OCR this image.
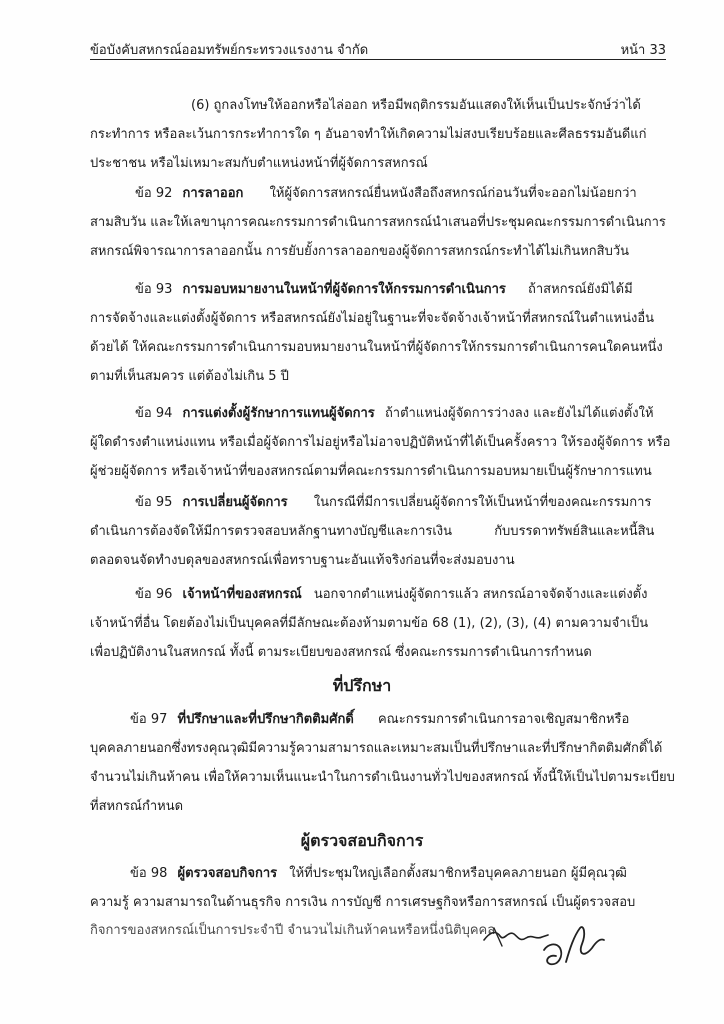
ข้อบังคับสหกรณ์ออมทรัพย์กระทรวงแรงงาน จำกัด	หน้า 33
(6) ถูกลงโทษให้ออกหรือไล่ออก หรือมีพฤติกรรมอันแสดงให้เห็นเป็นประจักษ์ว่าได้
กระทำการ หรือละเว้นการกระทำการใด ๆ อันอาจทำให้เกิดความไม่สงบเรียบร้อยและศีลธรรมอันดีแก่
ประชาชน หรือไม่เหมาะสมกับตำแหน่งหน้าที่ผู้จัดการสหกรณ์
ข้อ 92 การลาออก ให้ผู้จัดการสหกรณ์ยื่นหนังสือถึงสหกรณ์ก่อนวันที่จะออกไม่น้อยกว่า
สามสิบวัน และให้เลขานุการคณะกรรมการดำเนินการสหกรณ์นำเสนอที่ประชุมคณะกรรมการดำเนินการ
สหกรณ์พิจารณาการลาออกนั้น การยับยั้งการลาออกของผู้จัดการสหกรณ์กระทำได้ไม่เกินหกสิบวัน
ข้อ 93 การมอบหมายงานในหน้าที่ผู้จัดการให้กรรมการดำเนินการ ถ้าสหกรณ์ยังมิได้มี
การจัดจ้างและแต่งตั้งผู้จัดการ หรือสหกรณ์ยังไม่อยู่ในฐานะที่จะจัดจ้างเจ้าหน้าที่สหกรณ์ในตำแหน่งอื่น
ด้วยได้ ให้คณะกรรมการดำเนินการมอบหมายงานในหน้าที่ผู้จัดการให้กรรมการดำเนินการคนใดคนหนึ่ง
ตามที่เห็นสมควร แต่ต้องไม่เกิน 5 ปี
ข้อ 94 การแต่งตั้งผู้รักษาการแทนผู้จัดการ ถ้าตำแหน่งผู้จัดการว่างลง และยังไม่ได้แต่งตั้งให้
ผู้ใดดำรงตำแหน่งแทน หรือเมื่อผู้จัดการไม่อยู่หรือไม่อาจปฏิบัติหน้าที่ได้เป็นครั้งคราว ให้รองผู้จัดการ หรือ
ผู้ช่วยผู้จัดการ หรือเจ้าหน้าที่ของสหกรณ์ตามที่คณะกรรมการดำเนินการมอบหมายเป็นผู้รักษาการแทน
ข้อ 95 การเปลี่ยนผู้จัดการ ในกรณีที่มีการเปลี่ยนผู้จัดการให้เป็นหน้าที่ของคณะกรรมการ
ดำเนินการต้องจัดให้มีการตรวจสอบหลักฐานทางบัญชีและการเงิน	กับบรรดาทรัพย์สินและหนี้สิน
ตลอดจนจัดทำงบดุลของสหกรณ์เพื่อทราบฐานะอันแท้จริงก่อนที่จะส่งมอบงาน
ข้อ 96 เจ้าหน้าที่ของสหกรณ์ นอกจากตำแหน่งผู้จัดการแล้ว สหกรณ์อาจจัดจ้างและแต่งตั้ง
เจ้าหน้าที่อื่น โดยต้องไม่เป็นบุคคลที่มีลักษณะต้องห้ามตามข้อ 68 (1), (2), (3), (4) ตามความจำเป็น
เพื่อปฏิบัติงานในสหกรณ์ ทั้งนี้ ตามระเบียบของสหกรณ์ ซึ่งคณะกรรมการดำเนินการกำหนด
ที่ปรึกษา
ข้อ 97 ที่ปรึกษาและที่ปรึกษากิตติมศักดิ์ คณะกรรมการดำเนินการอาจเชิญสมาชิกหรือ
บุคคลภายนอกซึ่งทรงคุณวุฒิมีความรู้ความสามารถและเหมาะสมเป็นที่ปรึกษาและที่ปรึกษากิตติมศักดิ์ได้
จำนวนไม่เกินห้าคน เพื่อให้ความเห็นแนะนำในการดำเนินงานทั่วไปของสหกรณ์ ทั้งนี้ให้เป็นไปตามระเบียบ
ที่สหกรณ์กำหนด
ผู้ตรวจสอบกิจการ
ข้อ 98 ผู้ตรวจสอบกิจการ ให้ที่ประชุมใหญ่เลือกตั้งสมาชิกหรือบุคคลภายนอก ผู้มีคุณวุฒิ
ความรู้ ความสามารถในด้านธุรกิจ การเงิน การบัญชี การเศรษฐกิจหรือการสหกรณ์ เป็นผู้ตรวจสอบ
กิจการของสหกรณ์เป็นการประจำปี จำนวนไม่เกินห้าคนหรือหนึ่งนิติบุคคล
